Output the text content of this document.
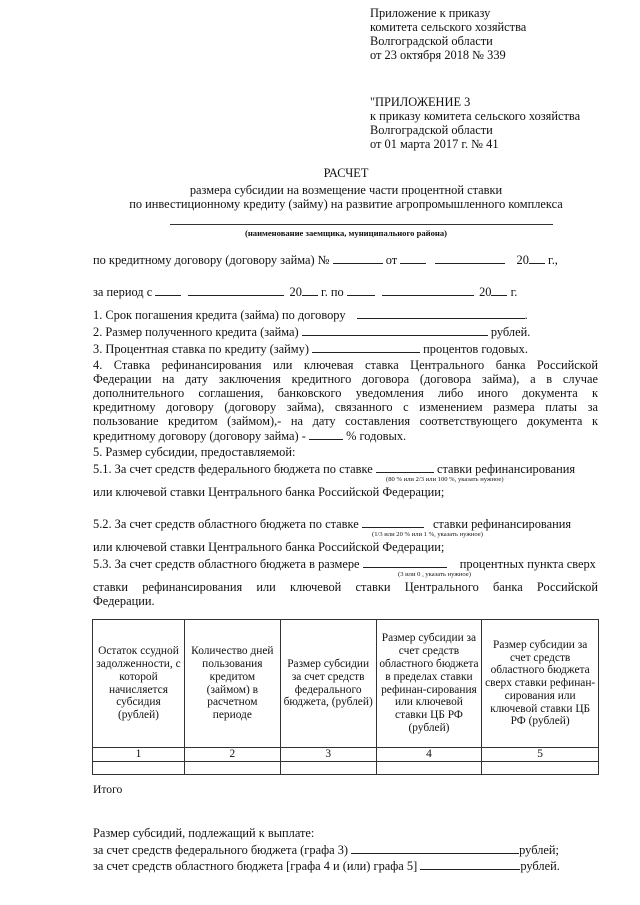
Приложение к приказу
комитета сельского хозяйства
Волгоградской области
от 23 октября 2018 № 339
"ПРИЛОЖЕНИЕ 3
к приказу комитета сельского хозяйства
Волгоградской области
от 01 марта 2017 г. № 41
РАСЧЕТ
размера субсидии на возмещение части процентной ставки
по инвестиционному кредиту (займу) на развитие агропромышленного комплекса
(наименование заемщика, муниципального района)
по кредитному договору (договору займа) №	от	20 г.,
за период с	20 г. по	20 г.
1. Срок погашения кредита (займа) по договору	.
2. Размер полученного кредита (займа)	рублей.
3. Процентная ставка по кредиту (займу)	процентов годовых.
4. Ставка рефинансирования или ключевая ставка Центрального банка Российской
Федерации на дату заключения кредитного договора (договора займа), а в случае
дополнительного соглашения, банковского уведомления либо иного документа к
кредитному договору (договору займа), связанного с изменением размера платы за
пользование кредитом (займом),- на дату составления соответствующего документа к
кредитному договору (договору займа) -	% годовых.
5. Размер субсидии, предоставляемой:
5.1. За счет средств федерального бюджета по ставке	ставки рефинансирования
(80 % или 2/3 или 100 %, указать нужное)
или ключевой ставки Центрального банка Российской Федерации;
5.2. За счет средств областного бюджета по ставке	ставки рефинансирования
(1/3 или 20 % или 1 %, указать нужное)
или ключевой ставки Центрального банка Российской Федерации;
5.3. За счет средств областного бюджета в размере	процентных пункта сверх
(3 или 0 , указать нужное)
ставки рефинансирования или ключевой ставки Центрального банка Российской
Федерации.
Остаток ссудной задолженности, с которой начисляется субсидия (рублей)	Количество дней пользования кредитом (займом) в расчетном периоде	Размер субсидии за счет средств федерального бюджета, (рублей)	Размер субсидии за счет средств областного бюджета в пределах ставки рефинан-сирования или ключевой ставки ЦБ РФ (рублей)	Размер субсидии за счет средств областного бюджета сверх ставки рефинан-сирования или ключевой ставки ЦБ РФ (рублей)
1	2	3	4	5

Итого
Размер субсидий, подлежащий к выплате:
за счет средств федерального бюджета (графа 3)	рублей;
за счет средств областного бюджета [графа 4 и (или) графа 5]	рублей.
